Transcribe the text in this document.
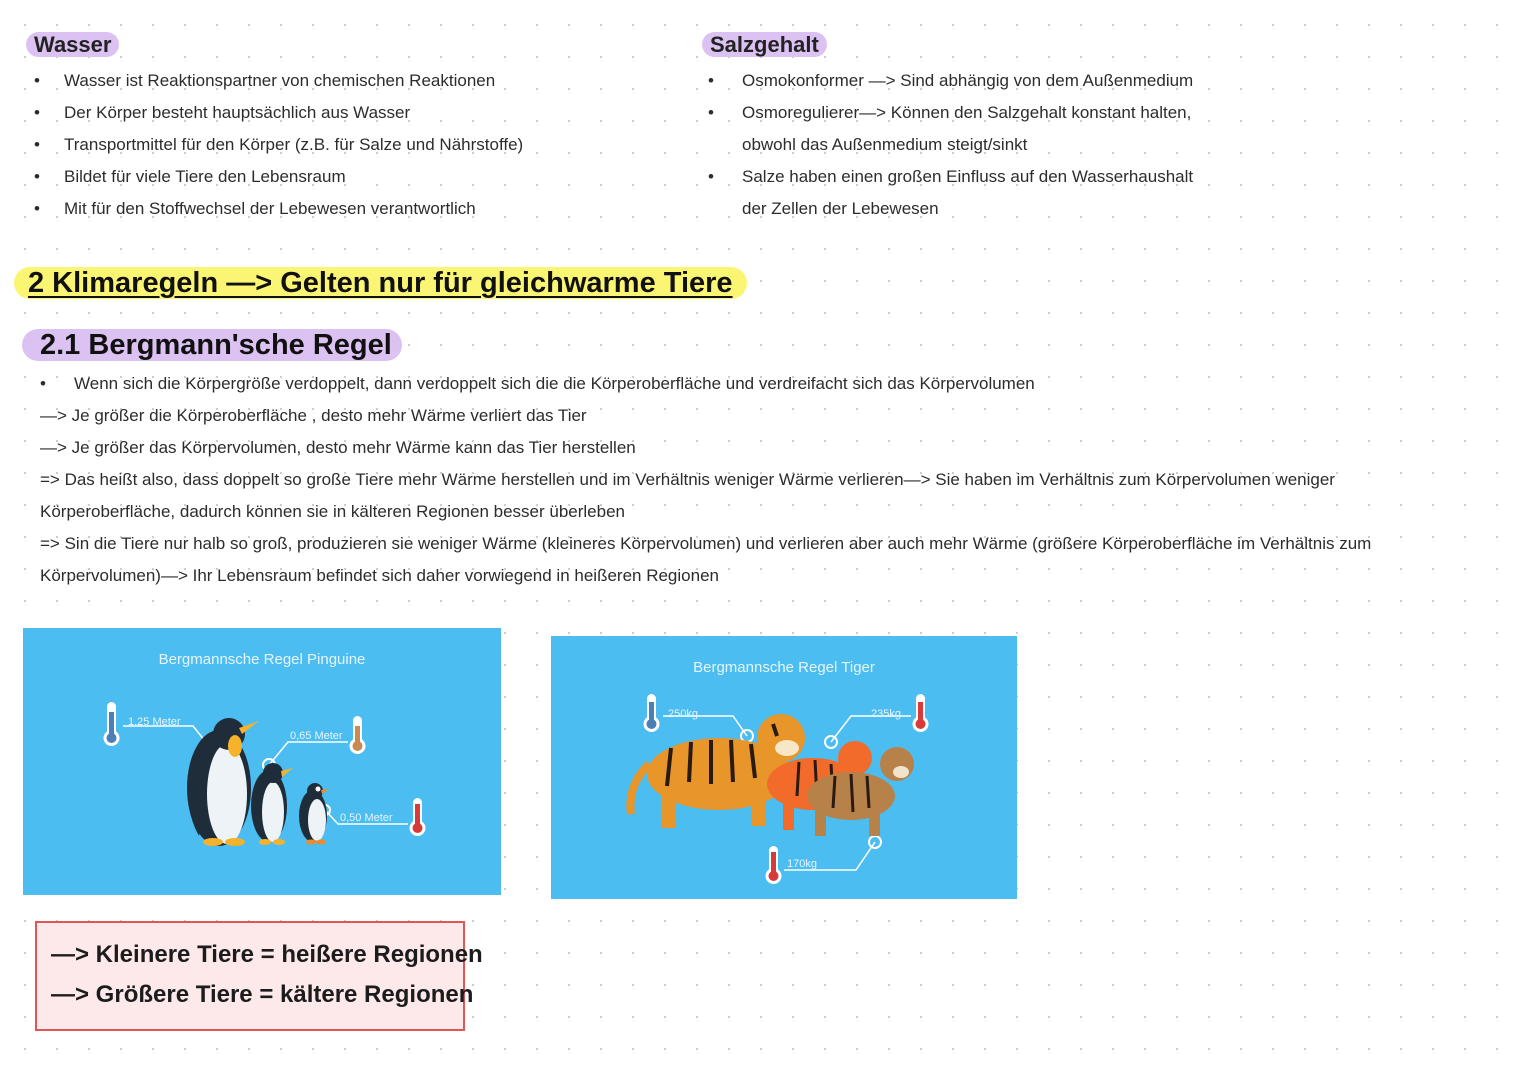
Wasser
• Wasser ist Reaktionspartner von chemischen Reaktionen
• Der Körper besteht hauptsächlich aus Wasser
• Transportmittel für den Körper (z.B. für Salze und Nährstoffe)
• Bildet für viele Tiere den Lebensraum
• Mit für den Stoffwechsel der Lebewesen verantwortlich
Salzgehalt
• Osmokonformer —> Sind abhängig von dem Außenmedium
• Osmoregulierer—> Können den Salzgehalt konstant halten,
obwohl das Außenmedium steigt/sinkt
• Salze haben einen großen Einfluss auf den Wasserhaushalt
der Zellen der Lebewesen
2 Klimaregeln —> Gelten nur für gleichwarme Tiere
2.1 Bergmann'sche Regel
• Wenn sich die Körpergröße verdoppelt, dann verdoppelt sich die die Körperoberfläche und verdreifacht sich das Körpervolumen
—> Je größer die Körperoberfläche , desto mehr Wärme verliert das Tier
—> Je größer das Körpervolumen, desto mehr Wärme kann das Tier herstellen
=> Das heißt also, dass doppelt so große Tiere mehr Wärme herstellen und im Verhältnis weniger Wärme verlieren—> Sie haben im Verhältnis zum Körpervolumen weniger
Körperoberfläche, dadurch können sie in kälteren Regionen besser überleben
=> Sin die Tiere nur halb so groß, produzieren sie weniger Wärme (kleineres Körpervolumen) und verlieren aber auch mehr Wärme (größere Körperoberfläche im Verhältnis zum
Körpervolumen)—> Ihr Lebensraum befindet sich daher vorwiegend in heißeren Regionen
Bergmannsche Regel Pinguine
1,25 Meter
0,65 Meter
0,50 Meter
Bergmannsche Regel Tiger
250kg	235kg
170kg
—> Kleinere Tiere = heißere Regionen
—> Größere Tiere = kältere Regionen
